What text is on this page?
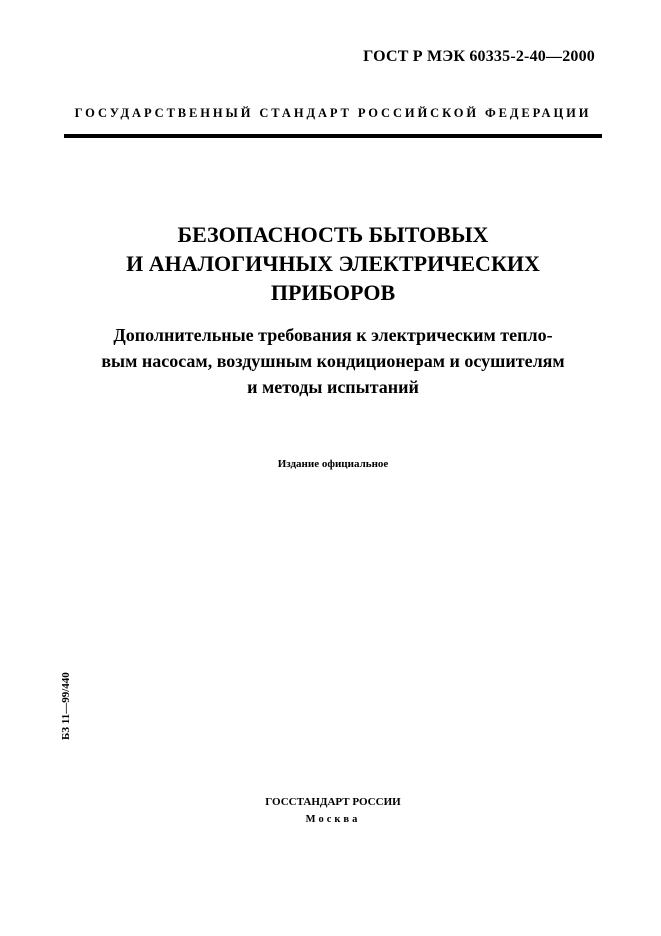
ГОСТ Р МЭК 60335-2-40—2000
ГОСУДАРСТВЕННЫЙ СТАНДАРТ РОССИЙСКОЙ ФЕДЕРАЦИИ
БЕЗОПАСНОСТЬ БЫТОВЫХ
И АНАЛОГИЧНЫХ ЭЛЕКТРИЧЕСКИХ
ПРИБОРОВ
Дополнительные требования к электрическим тепло-
вым насосам, воздушным кондиционерам и осушителям
и методы испытаний
Издание официальное
БЗ 11—99/440
ГОССТАНДАРТ РОССИИ
Москва
